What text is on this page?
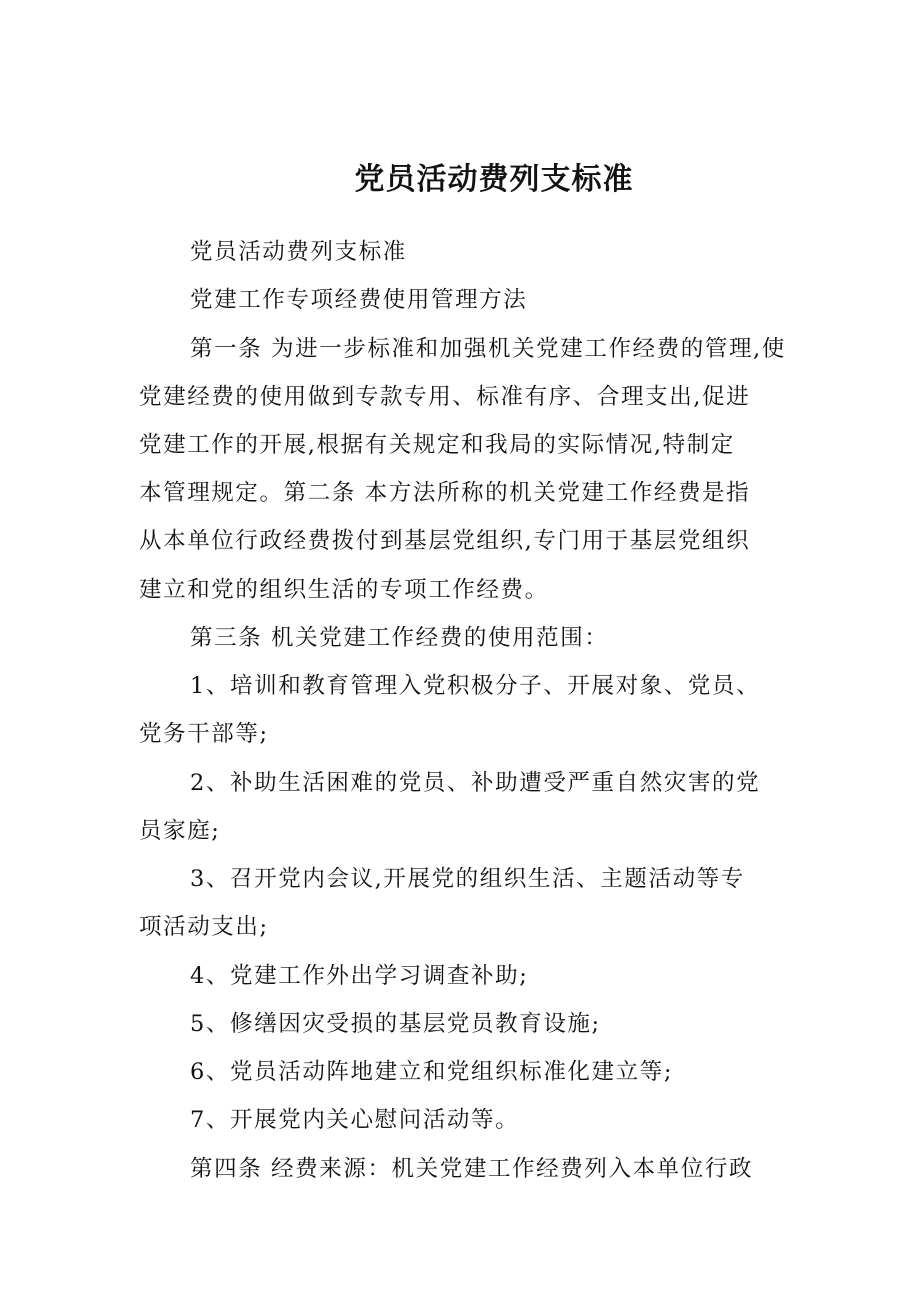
党员活动费列支标准
党员活动费列支标准
党建工作专项经费使用管理方法
第一条 为进一步标准和加强机关党建工作经费的管理,使
党建经费的使用做到专款专用、标准有序、合理支出,促进
党建工作的开展,根据有关规定和我局的实际情况,特制定
本管理规定。第二条 本方法所称的机关党建工作经费是指
从本单位行政经费拨付到基层党组织,专门用于基层党组织
建立和党的组织生活的专项工作经费。
第三条 机关党建工作经费的使用范围：
1、培训和教育管理入党积极分子、开展对象、党员、
党务干部等;
2、补助生活困难的党员、补助遭受严重自然灾害的党
员家庭;
3、召开党内会议,开展党的组织生活、主题活动等专
项活动支出;
4、党建工作外出学习调查补助;
5、修缮因灾受损的基层党员教育设施;
6、党员活动阵地建立和党组织标准化建立等;
7、开展党内关心慰问活动等。
第四条 经费来源：机关党建工作经费列入本单位行政
